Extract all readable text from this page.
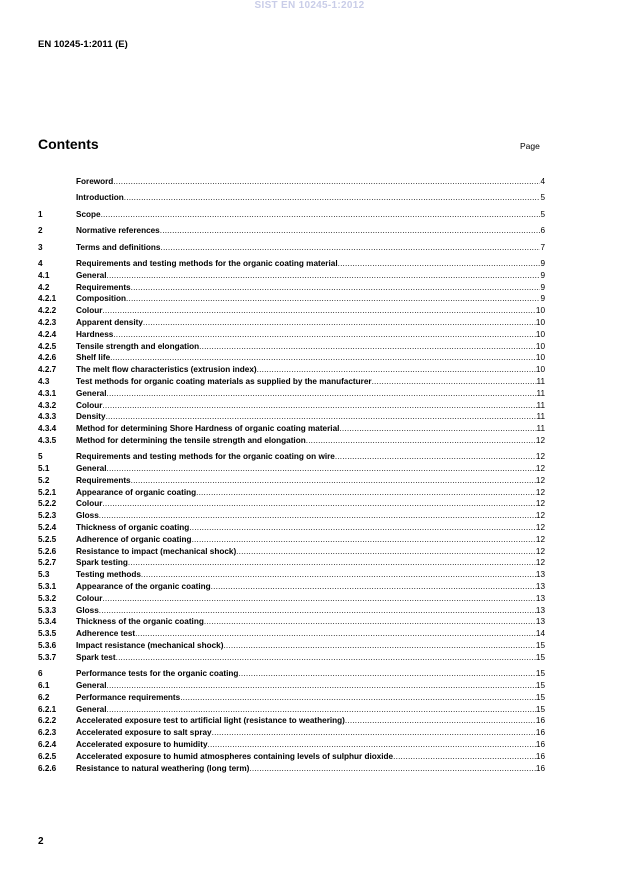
SIST EN 10245-1:2012
EN 10245-1:2011 (E)
Contents	Page
Foreword .....	4
Introduction .....	5
1	Scope .....	5
2	Normative references .....	6
3	Terms and definitions .....	7
4	Requirements and testing methods for the organic coating material .....	9
4.1	General .....	9
4.2	Requirements .....	9
4.2.1	Composition .....	9
4.2.2	Colour .....	10
4.2.3	Apparent density .....	10
4.2.4	Hardness .....	10
4.2.5	Tensile strength and elongation .....	10
4.2.6	Shelf life .....	10
4.2.7	The melt flow characteristics (extrusion index) .....	10
4.3	Test methods for organic coating materials as supplied by the manufacturer .....	11
4.3.1	General .....	11
4.3.2	Colour .....	11
4.3.3	Density .....	11
4.3.4	Method for determining Shore Hardness of organic coating material .....	11
4.3.5	Method for determining the tensile strength and elongation .....	12
5	Requirements and testing methods for the organic coating on wire .....	12
5.1	General .....	12
5.2	Requirements .....	12
5.2.1	Appearance of organic coating .....	12
5.2.2	Colour .....	12
5.2.3	Gloss .....	12
5.2.4	Thickness of organic coating .....	12
5.2.5	Adherence of organic coating .....	12
5.2.6	Resistance to impact (mechanical shock) .....	12
5.2.7	Spark testing .....	12
5.3	Testing methods .....	13
5.3.1	Appearance of the organic coating .....	13
5.3.2	Colour .....	13
5.3.3	Gloss .....	13
5.3.4	Thickness of the organic coating .....	13
5.3.5	Adherence test .....	14
5.3.6	Impact resistance (mechanical shock) .....	15
5.3.7	Spark test .....	15
6	Performance tests for the organic coating .....	15
6.1	General .....	15
6.2	Performance requirements .....	15
6.2.1	General .....	15
6.2.2	Accelerated exposure test to artificial light (resistance to weathering) .....	16
6.2.3	Accelerated exposure to salt spray .....	16
6.2.4	Accelerated exposure to humidity .....	16
6.2.5	Accelerated exposure to humid atmospheres containing levels of sulphur dioxide .....	16
6.2.6	Resistance to natural weathering (long term) .....	16
2
